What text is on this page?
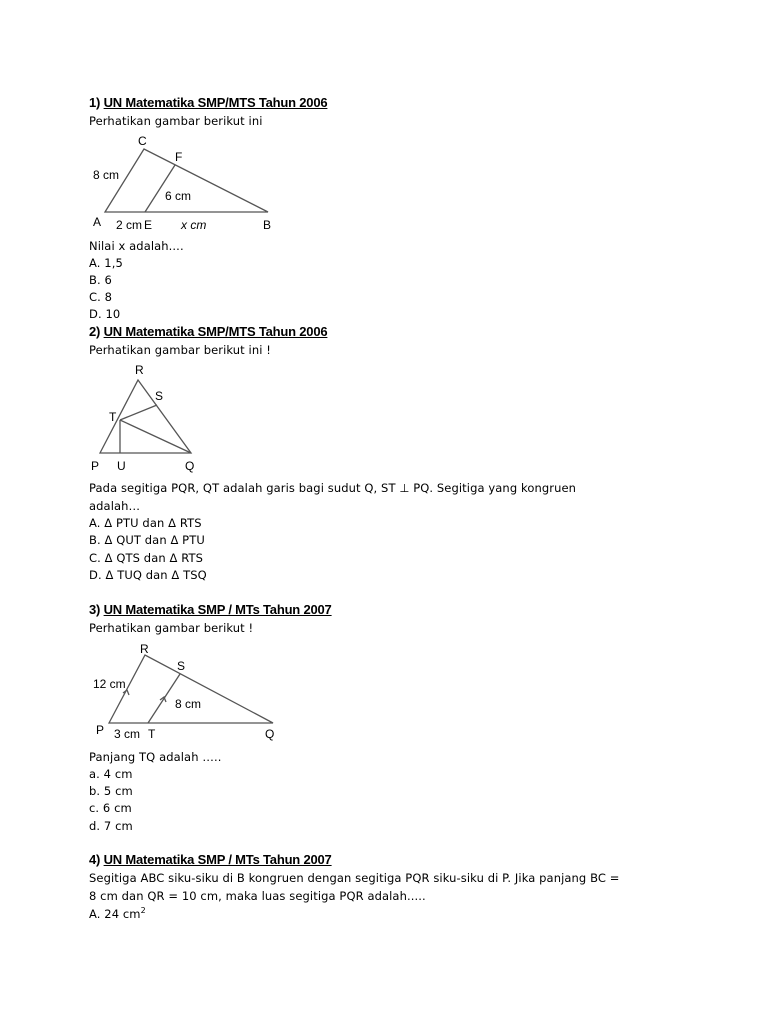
1) UN Matematika SMP/MTS Tahun 2006
Perhatikan gambar berikut ini
C
F
8 cm
6 cm
A 2 cm E x cm	B
Nilai x adalah....
A. 1,5
B. 6
C. 8
D. 10
2) UN Matematika SMP/MTS Tahun 2006
Perhatikan gambar berikut ini !
R
S
T
P U	Q
Pada segitiga PQR, QT adalah garis bagi sudut Q, ST ⊥ PQ. Segitiga yang kongruen
adalah…
A. Δ PTU dan Δ RTS
B. Δ QUT dan Δ PTU
C. Δ QTS dan Δ RTS
D. Δ TUQ dan Δ TSQ
3) UN Matematika SMP / MTs Tahun 2007
Perhatikan gambar berikut !
R
S
12 cm
8 cm
P 3 cm T	Q
Panjang TQ adalah …..
a. 4 cm
b. 5 cm
c. 6 cm
d. 7 cm
4) UN Matematika SMP / MTs Tahun 2007
Segitiga ABC siku-siku di B kongruen dengan segitiga PQR siku-siku di P. Jika panjang BC =
8 cm dan QR = 10 cm, maka luas segitiga PQR adalah.....
A. 24 $cm^2$
